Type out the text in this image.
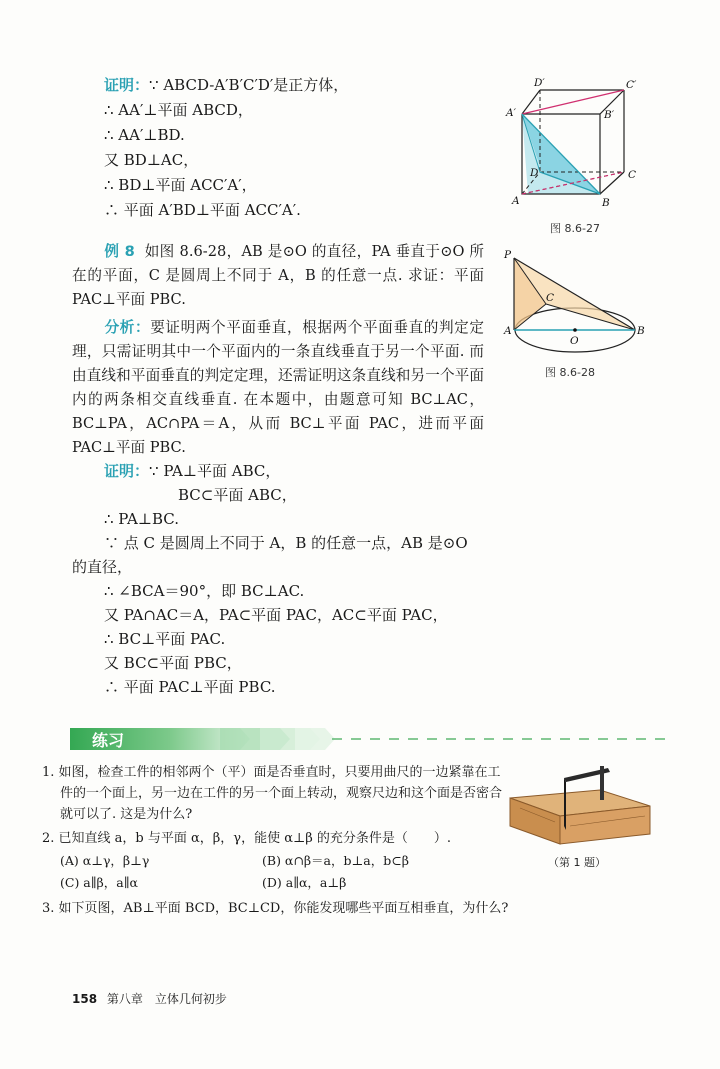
证明：∵ ABCD-A′B′C′D′是正方体，
∴ AA′⊥平面 ABCD，
∴ AA′⊥BD.
又 BD⊥AC，
∴ BD⊥平面 ACC′A′，
∴ 平面 A′BD⊥平面 ACC′A′.
D′	C′
A′	B′
D	C
A	B
图 8.6-27
例 8 如图 8.6-28，AB 是⊙O 的直径，PA 垂直于⊙O 所在的平面，C 是圆周上不同于 A，B 的任意一点. 求证：平面 PAC⊥平面 PBC.
P
C
A
O
B
图 8.6-28
分析：要证明两个平面垂直，根据两个平面垂直的判定定理，只需证明其中一个平面内的一条直线垂直于另一个平面. 而由直线和平面垂直的判定定理，还需证明这条直线和另一个平面内的两条相交直线垂直. 在本题中，由题意可知 BC⊥AC，BC⊥PA，AC∩PA＝A，从而 BC⊥平面 PAC，进而平面 PAC⊥平面 PBC.
证明：∵ PA⊥平面 ABC，
BC⊂平面 ABC，
∴ PA⊥BC.
∵ 点 C 是圆周上不同于 A，B 的任意一点，AB 是⊙O
的直径，
∴ ∠BCA＝90°，即 BC⊥AC.
又 PA∩AC＝A，PA⊂平面 PAC，AC⊂平面 PAC，
∴ BC⊥平面 PAC.
又 BC⊂平面 PBC，
∴ 平面 PAC⊥平面 PBC.
练习
1. 如图，检查工件的相邻两个（平）面是否垂直时，只要用曲尺的一边紧靠在工件的一个面上，另一边在工件的另一个面上转动，观察尺边和这个面是否密合就可以了. 这是为什么?
（第 1 题）
2. 已知直线 a，b 与平面 α，β，γ，能使 α⊥β 的充分条件是（　　）.
(A) α⊥γ，β⊥γ	(B) α∩β＝a，b⊥a，b⊂β
(C) a∥β，a∥α	(D) a∥α，a⊥β
3. 如下页图，AB⊥平面 BCD，BC⊥CD，你能发现哪些平面互相垂直，为什么?
158 第八章　立体几何初步
